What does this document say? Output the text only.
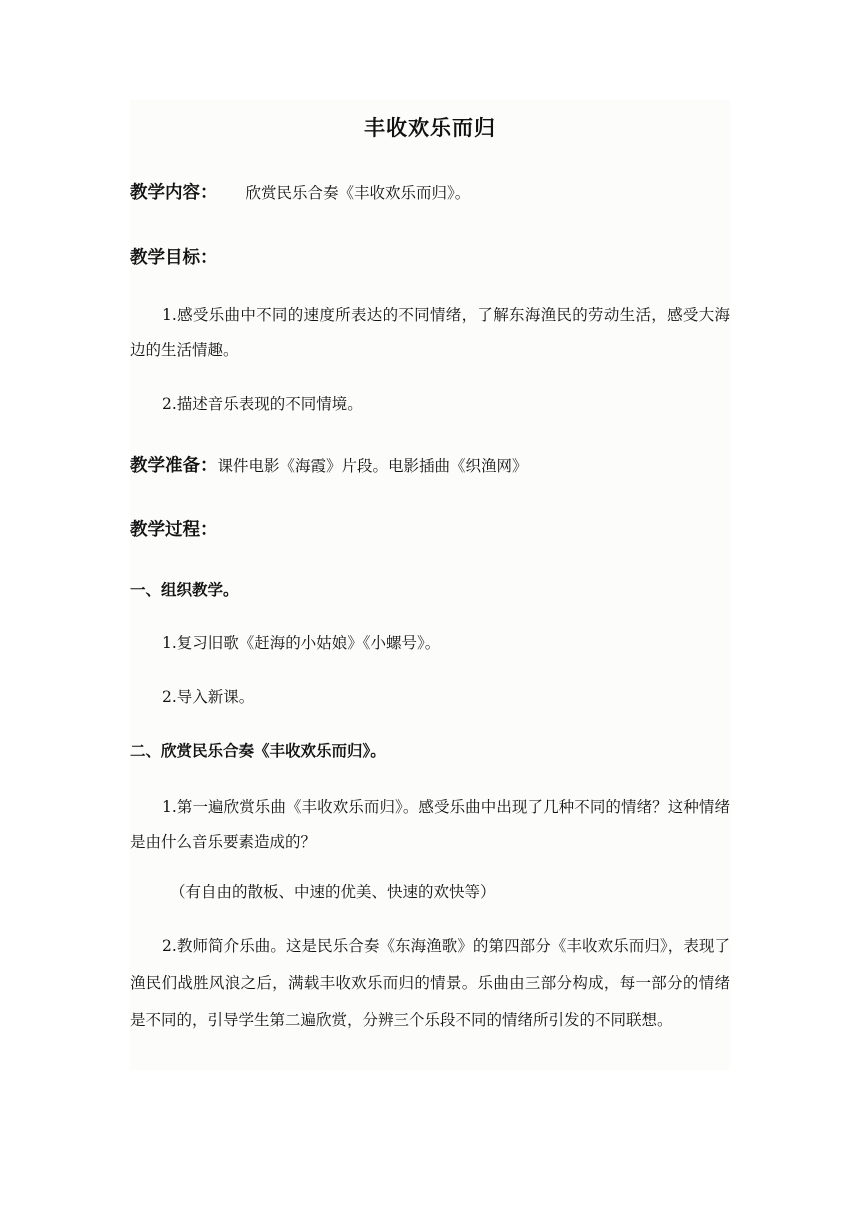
丰收欢乐而归
教学内容： 欣赏民乐合奏《丰收欢乐而归》。
教学目标：
1.感受乐曲中不同的速度所表达的不同情绪，了解东海渔民的劳动生活，感受大海边的生活情趣。
2.描述音乐表现的不同情境。
教学准备：课件电影《海霞》片段。电影插曲《织渔网》
教学过程：
一、组织教学。
1.复习旧歌《赶海的小姑娘》《小螺号》。
2.导入新课。
二、欣赏民乐合奏《丰收欢乐而归》。
1.第一遍欣赏乐曲《丰收欢乐而归》。感受乐曲中出现了几种不同的情绪？这种情绪是由什么音乐要素造成的？
（有自由的散板、中速的优美、快速的欢快等）
2.教师简介乐曲。这是民乐合奏《东海渔歌》的第四部分《丰收欢乐而归》，表现了渔民们战胜风浪之后，满载丰收欢乐而归的情景。乐曲由三部分构成，每一部分的情绪是不同的，引导学生第二遍欣赏，分辨三个乐段不同的情绪所引发的不同联想。
